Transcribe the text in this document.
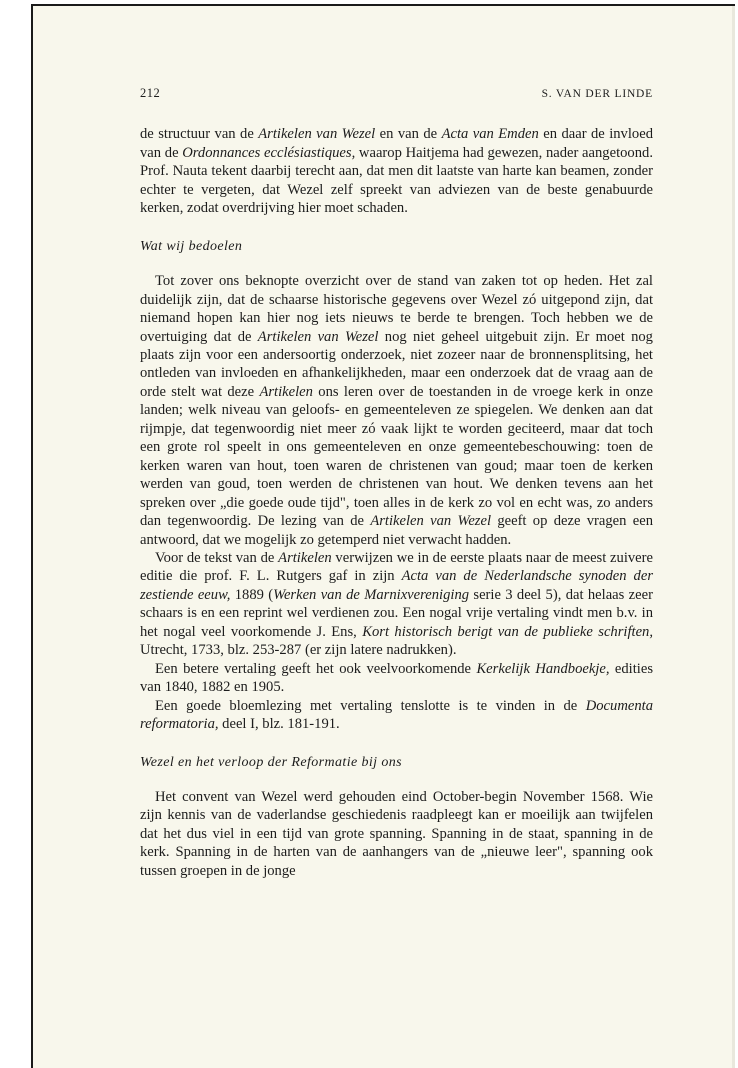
212	S. VAN DER LINDE

de structuur van de Artikelen van Wezel en van de Acta van Emden en daar de invloed van de Ordonnances ecclésiastiques, waarop Haitjema had gewezen, nader aangetoond. Prof. Nauta tekent daarbij terecht aan, dat men dit laatste van harte kan beamen, zonder echter te vergeten, dat Wezel zelf spreekt van adviezen van de beste genabuurde kerken, zodat overdrijving hier moet schaden.

Wat wij bedoelen

Tot zover ons beknopte overzicht over de stand van zaken tot op heden. Het zal duidelijk zijn, dat de schaarse historische gegevens over Wezel zó uitgepond zijn, dat niemand hopen kan hier nog iets nieuws te berde te brengen. Toch hebben we de overtuiging dat de Artikelen van Wezel nog niet geheel uitgebuit zijn. Er moet nog plaats zijn voor een andersoortig onderzoek, niet zozeer naar de bronnensplitsing, het ontleden van invloeden en afhankelijkheden, maar een onderzoek dat de vraag aan de orde stelt wat deze Artikelen ons leren over de toestanden in de vroege kerk in onze landen; welk niveau van geloofs- en gemeenteleven ze spiegelen. We denken aan dat rijmpje, dat tegenwoordig niet meer zó vaak lijkt te worden geciteerd, maar dat toch een grote rol speelt in ons gemeenteleven en onze gemeentebeschouwing: toen de kerken waren van hout, toen waren de christenen van goud; maar toen de kerken werden van goud, toen werden de christenen van hout. We denken tevens aan het spreken over „die goede oude tijd", toen alles in de kerk zo vol en echt was, zo anders dan tegenwoordig. De lezing van de Artikelen van Wezel geeft op deze vragen een antwoord, dat we mogelijk zo getemperd niet verwacht hadden.

Voor de tekst van de Artikelen verwijzen we in de eerste plaats naar de meest zuivere editie die prof. F. L. Rutgers gaf in zijn Acta van de Nederlandsche synoden der zestiende eeuw, 1889 (Werken van de Marnixvereniging serie 3 deel 5), dat helaas zeer schaars is en een reprint wel verdienen zou. Een nogal vrije vertaling vindt men b.v. in het nogal veel voorkomende J. Ens, Kort historisch berigt van de publieke schriften, Utrecht, 1733, blz. 253-287 (er zijn latere nadrukken).

Een betere vertaling geeft het ook veelvoorkomende Kerkelijk Handboekje, edities van 1840, 1882 en 1905.

Een goede bloemlezing met vertaling tenslotte is te vinden in de Documenta reformatoria, deel I, blz. 181-191.

Wezel en het verloop der Reformatie bij ons

Het convent van Wezel werd gehouden eind October-begin November 1568. Wie zijn kennis van de vaderlandse geschiedenis raadpleegt kan er moeilijk aan twijfelen dat het dus viel in een tijd van grote spanning. Spanning in de staat, spanning in de kerk. Spanning in de harten van de aanhangers van de „nieuwe leer", spanning ook tussen groepen in de jonge
